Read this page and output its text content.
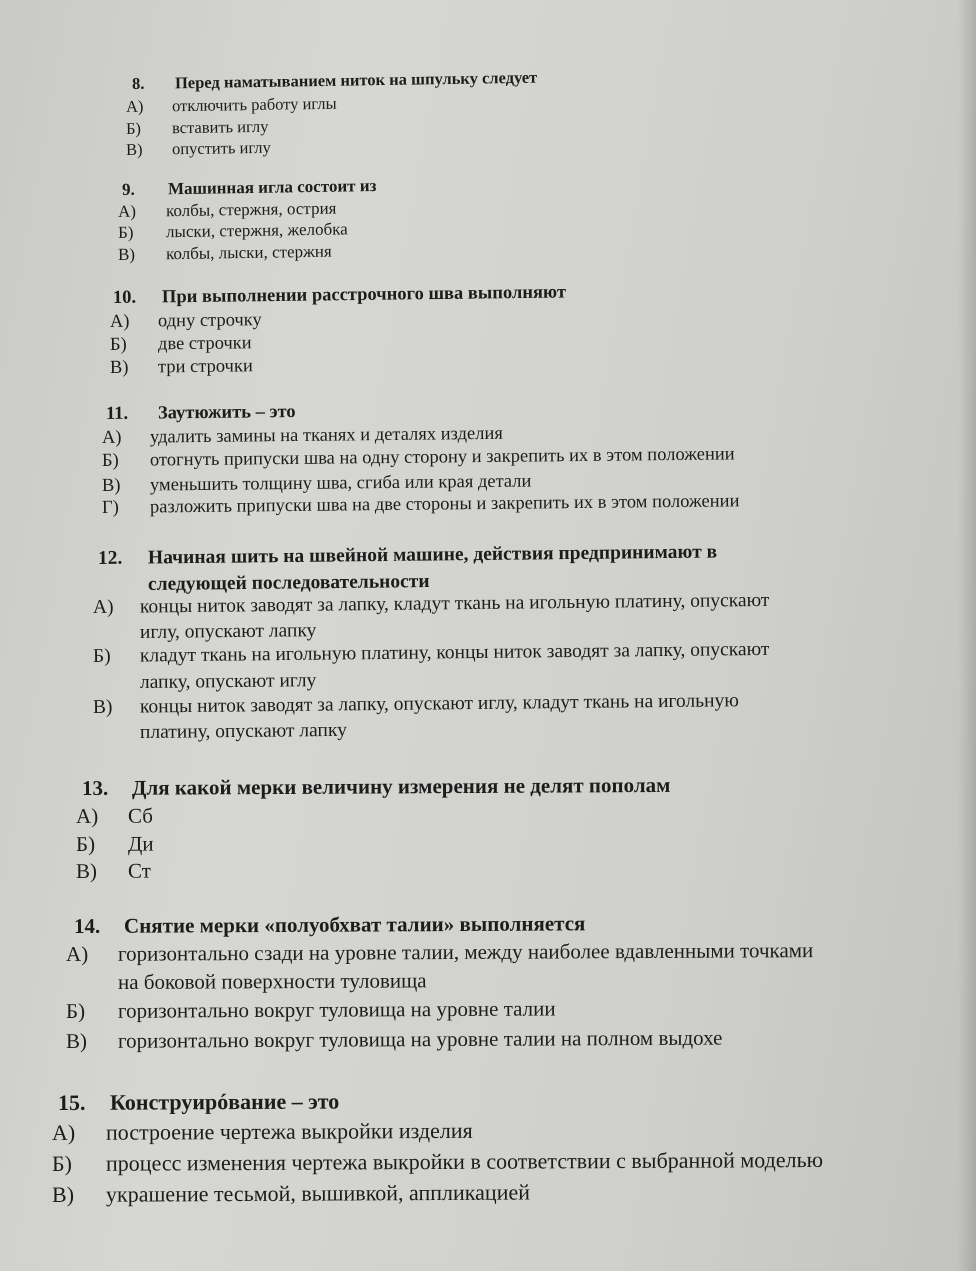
8. Перед наматыванием ниток на шпульку следует
А) отключить работу иглы
Б) вставить иглу
В) опустить иглу
9. Машинная игла состоит из
А) колбы, стержня, острия
Б) лыски, стержня, желобка
В) колбы, лыски, стержня
10. При выполнении расстрочного шва выполняют
А) одну строчку
Б) две строчки
В) три строчки
11. Заутюжить – это
А) удалить замины на тканях и деталях изделия
Б) отогнуть припуски шва на одну сторону и закрепить их в этом положении
В) уменьшить толщину шва, сгиба или края детали
Г) разложить припуски шва на две стороны и закрепить их в этом положении
12. Начиная шить на швейной машине, действия предпринимают в
следующей последовательности
А) концы ниток заводят за лапку, кладут ткань на игольную платину, опускают
иглу, опускают лапку
Б) кладут ткань на игольную платину, концы ниток заводят за лапку, опускают
лапку, опускают иглу
В) концы ниток заводят за лапку, опускают иглу, кладут ткань на игольную
платину, опускают лапку
13. Для какой мерки величину измерения не делят пополам
А) Сб
Б) Ди
В) Ст
14. Снятие мерки «полуобхват талии» выполняется
А) горизонтально сзади на уровне талии, между наиболее вдавленными точками
на боковой поверхности туловища
Б) горизонтально вокруг туловища на уровне талии
В) горизонтально вокруг туловища на уровне талии на полном выдохе
15. Конструирóвание – это
А) построение чертежа выкройки изделия
Б) процесс изменения чертежа выкройки в соответствии с выбранной моделью
В) украшение тесьмой, вышивкой, аппликацией
